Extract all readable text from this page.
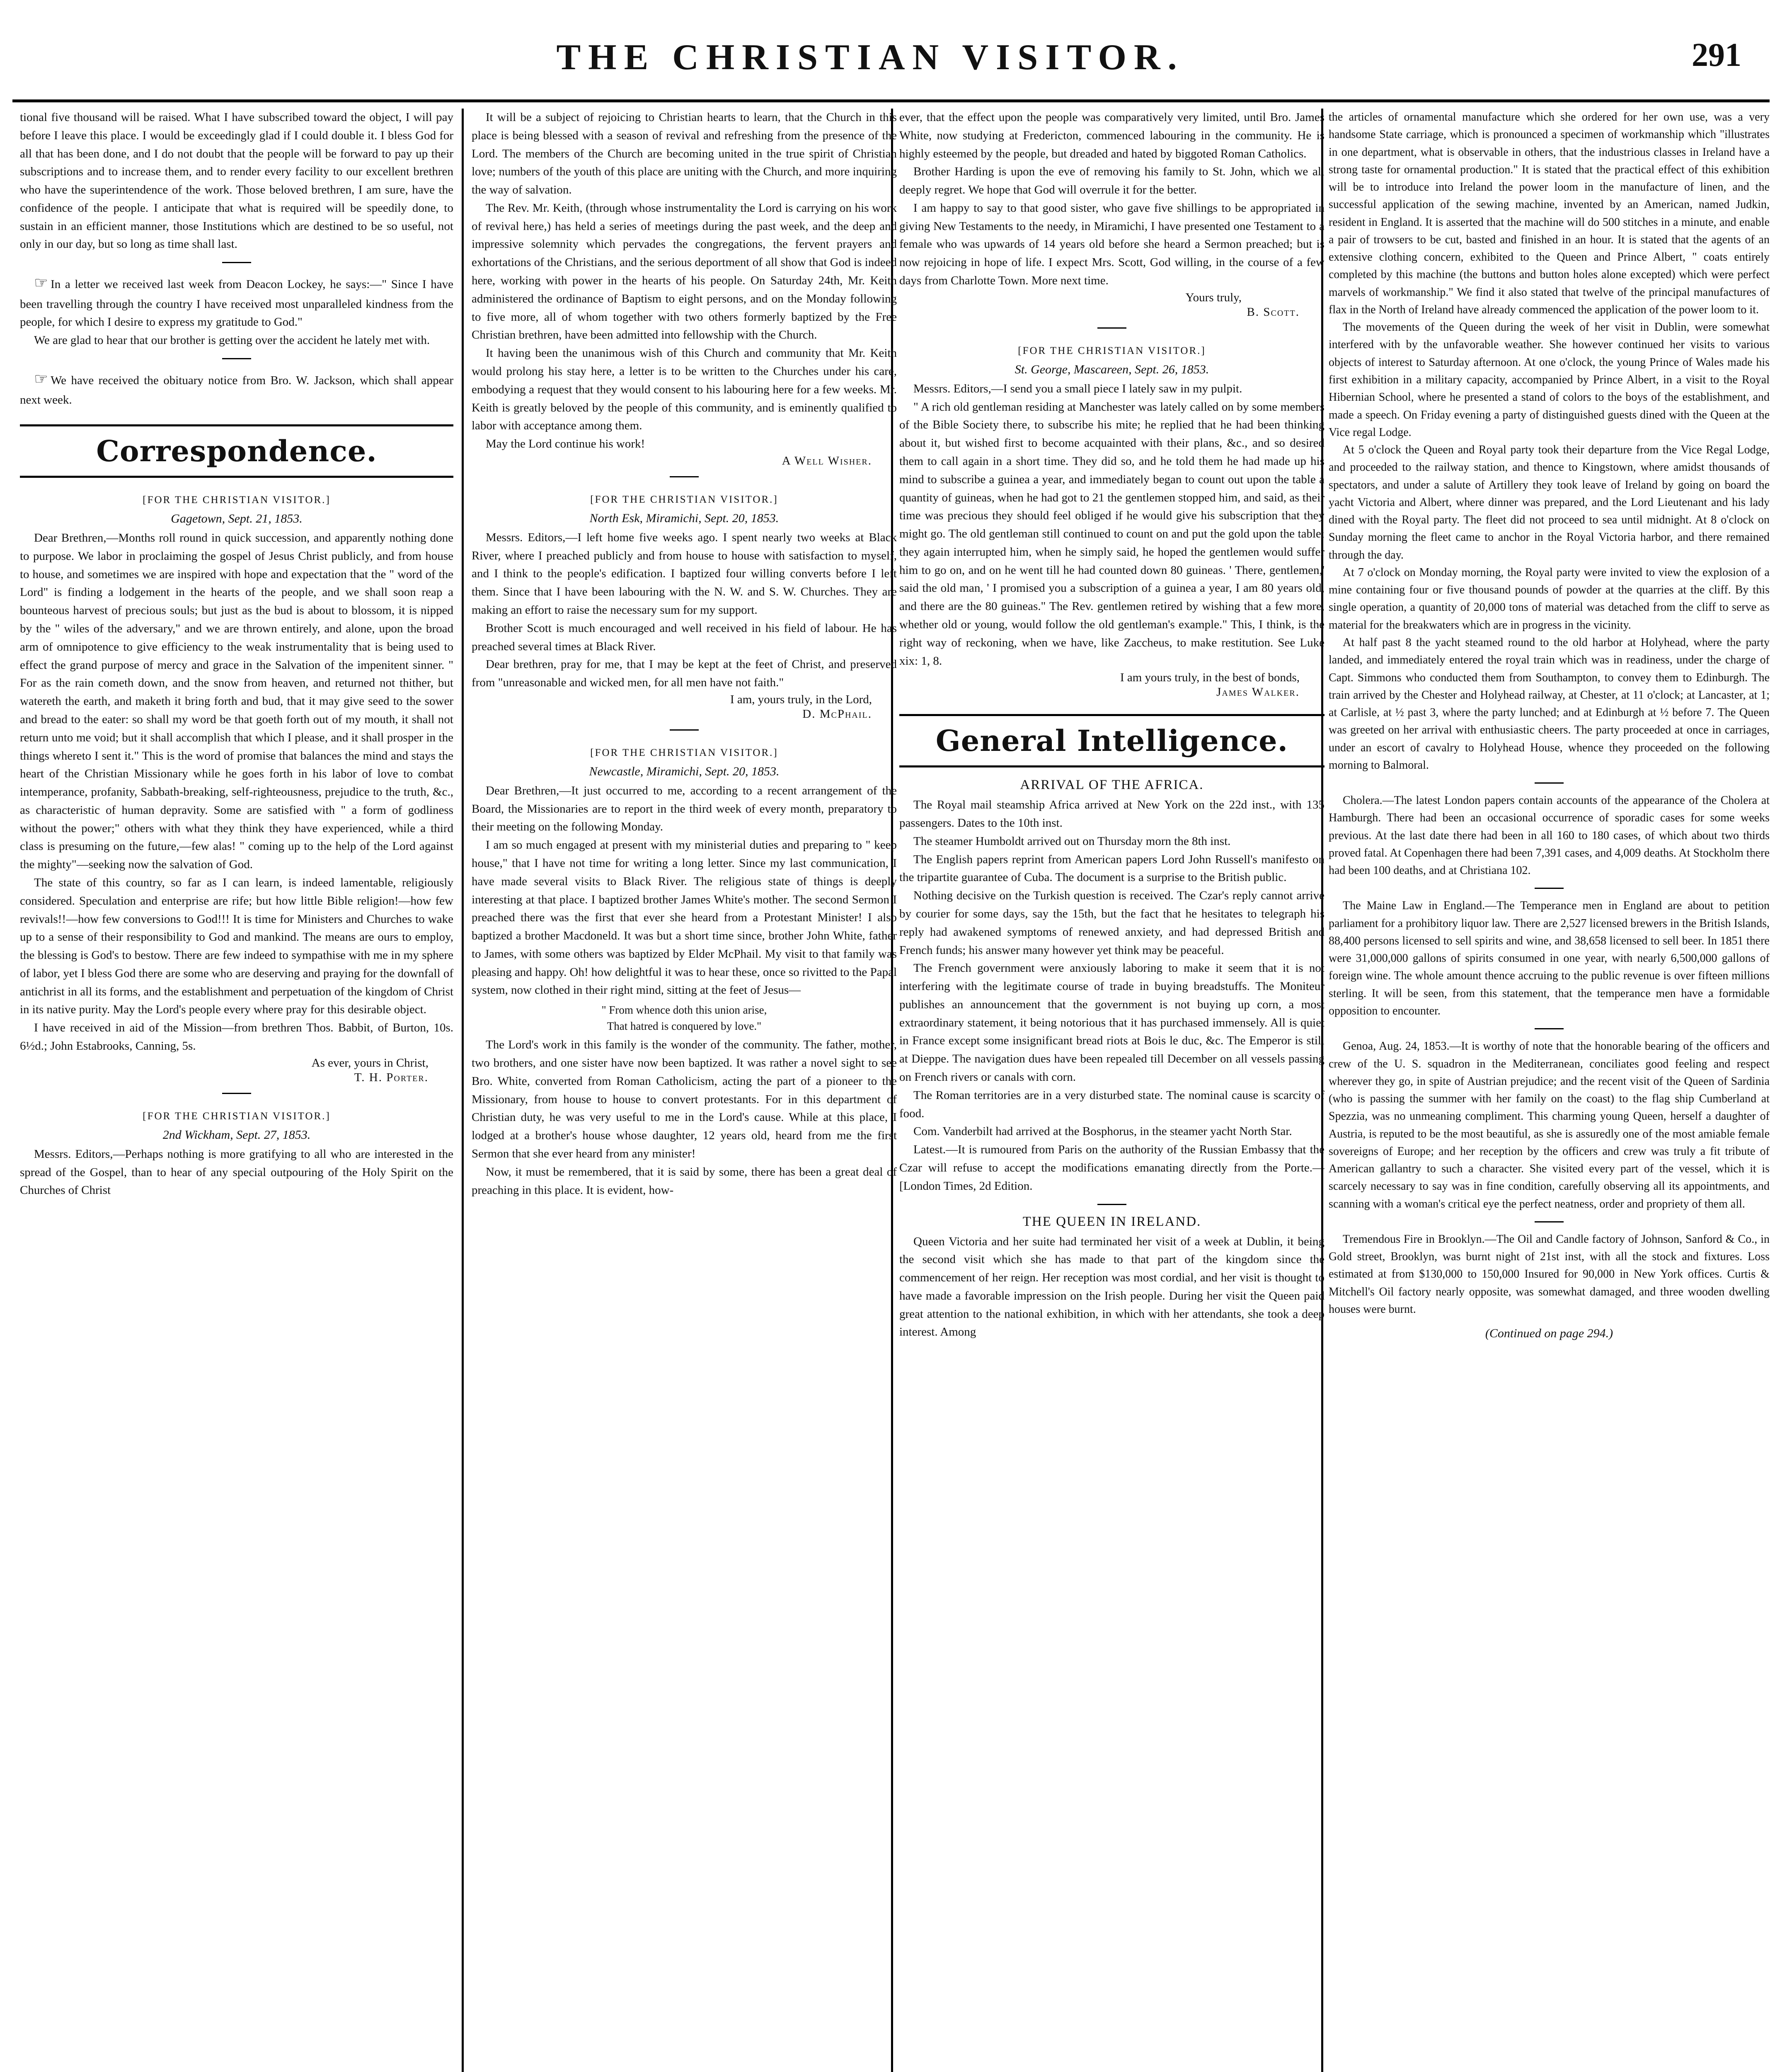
THE CHRISTIAN VISITOR.	291

tional five thousand will be raised. What I have subscribed toward the object, I will pay before I leave this place. I would be exceedingly glad if I could double it. I bless God for all that has been done, and I do not doubt that the people will be forward to pay up their subscriptions and to increase them, and to render every facility to our excellent brethren who have the superintendence of the work. Those beloved brethren, I am sure, have the confidence of the people. I anticipate that what is required will be speedily done, to sustain in an efficient manner, those Institutions which are destined to be so useful, not only in our day, but so long as time shall last.

☞ In a letter we received last week from Deacon Lockey, he says:—" Since I have been travelling through the country I have received most unparalleled kindness from the people, for which I desire to express my gratitude to God."

We are glad to hear that our brother is getting over the accident he lately met with.

☞ We have received the obituary notice from Bro. W. Jackson, which shall appear next week.

Correspondence.
[FOR THE CHRISTIAN VISITOR.]
Gagetown, Sept. 21, 1853.

Dear Brethren,—Months roll round in quick succession, and apparently nothing done to purpose. We labor in proclaiming the gospel of Jesus Christ publicly, and from house to house, and sometimes we are inspired with hope and expectation that the " word of the Lord" is finding a lodgement in the hearts of the people, and we shall soon reap a bounteous harvest of precious souls; but just as the bud is about to blossom, it is nipped by the " wiles of the adversary," and we are thrown entirely, and alone, upon the broad arm of omnipotence to give efficiency to the weak instrumentality that is being used to effect the grand purpose of mercy and grace in the Salvation of the impenitent sinner. " For as the rain cometh down, and the snow from heaven, and returned not thither, but watereth the earth, and maketh it bring forth and bud, that it may give seed to the sower and bread to the eater: so shall my word be that goeth forth out of my mouth, it shall not return unto me void; but it shall accomplish that which I please, and it shall prosper in the things whereto I sent it." This is the word of promise that balances the mind and stays the heart of the Christian Missionary while he goes forth in his labor of love to combat intemperance, profanity, Sabbath-breaking, self-righteousness, prejudice to the truth, &c., as characteristic of human depravity. Some are satisfied with " a form of godliness without the power;" others with what they think they have experienced, while a third class is presuming on the future,—few alas! " coming up to the help of the Lord against the mighty"—seeking now the salvation of God.

The state of this country, so far as I can learn, is indeed lamentable, religiously considered. Speculation and enterprise are rife; but how little Bible religion!—how few revivals!!—how few conversions to God!!! It is time for Ministers and Churches to wake up to a sense of their responsibility to God and mankind. The means are ours to employ, the blessing is God's to bestow. There are few indeed to sympathise with me in my sphere of labor, yet I bless God there are some who are deserving and praying for the downfall of antichrist in all its forms, and the establishment and perpetuation of the kingdom of Christ in its native purity. May the Lord's people every where pray for this desirable object.

I have received in aid of the Mission—from brethren Thos. Babbit, of Burton, 10s. 6½d.; John Estabrooks, Canning, 5s.

As ever, yours in Christ,
T. H. Porter.
[FOR THE CHRISTIAN VISITOR.]
2nd Wickham, Sept. 27, 1853.

Messrs. Editors,—Perhaps nothing is more gratifying to all who are interested in the spread of the Gospel, than to hear of any special outpouring of the Holy Spirit on the Churches of Christ

It will be a subject of rejoicing to Christian hearts to learn, that the Church in this place is being blessed with a season of revival and refreshing from the presence of the Lord. The members of the Church are becoming united in the true spirit of Christian love; numbers of the youth of this place are uniting with the Church, and more inquiring the way of salvation.

The Rev. Mr. Keith, (through whose instrumentality the Lord is carrying on his work of revival here,) has held a series of meetings during the past week, and the deep and impressive solemnity which pervades the congregations, the fervent prayers and exhortations of the Christians, and the serious deportment of all show that God is indeed here, working with power in the hearts of his people. On Saturday 24th, Mr. Keith administered the ordinance of Baptism to eight persons, and on the Monday following to five more, all of whom together with two others formerly baptized by the Free Christian brethren, have been admitted into fellowship with the Church.

It having been the unanimous wish of this Church and community that Mr. Keith would prolong his stay here, a letter is to be written to the Churches under his care, embodying a request that they would consent to his labouring here for a few weeks. Mr. Keith is greatly beloved by the people of this community, and is eminently qualified to labor with acceptance among them.

May the Lord continue his work!

A Well Wisher.
[FOR THE CHRISTIAN VISITOR.]
North Esk, Miramichi, Sept. 20, 1853.

Messrs. Editors,—I left home five weeks ago. I spent nearly two weeks at Black River, where I preached publicly and from house to house with satisfaction to myself, and I think to the people's edification. I baptized four willing converts before I left them. Since that I have been labouring with the N. W. and S. W. Churches. They are making an effort to raise the necessary sum for my support.

Brother Scott is much encouraged and well received in his field of labour. He has preached several times at Black River.

Dear brethren, pray for me, that I may be kept at the feet of Christ, and preserved from "unreasonable and wicked men, for all men have not faith."

I am, yours truly, in the Lord,
D. McPhail.
[FOR THE CHRISTIAN VISITOR.]
Newcastle, Miramichi, Sept. 20, 1853.

Dear Brethren,—It just occurred to me, according to a recent arrangement of the Board, the Missionaries are to report in the third week of every month, preparatory to their meeting on the following Monday.

I am so much engaged at present with my ministerial duties and preparing to " keep house," that I have not time for writing a long letter. Since my last communication, I have made several visits to Black River. The religious state of things is deeply interesting at that place. I baptized brother James White's mother. The second Sermon I preached there was the first that ever she heard from a Protestant Minister! I also baptized a brother Macdoneld. It was but a short time since, brother John White, father to James, with some others was baptized by Elder McPhail. My visit to that family was pleasing and happy. Oh! how delightful it was to hear these, once so rivitted to the Papal system, now clothed in their right mind, sitting at the feet of Jesus—

" From whence doth this union arise,
That hatred is conquered by love."

The Lord's work in this family is the wonder of the community. The father, mother, two brothers, and one sister have now been baptized. It was rather a novel sight to see Bro. White, converted from Roman Catholicism, acting the part of a pioneer to the Missionary, from house to house to convert protestants. For in this department of Christian duty, he was very useful to me in the Lord's cause. While at this place, I lodged at a brother's house whose daughter, 12 years old, heard from me the first Sermon that she ever heard from any minister!

Now, it must be remembered, that it is said by some, there has been a great deal of preaching in this place. It is evident, how-

ever, that the effect upon the people was comparatively very limited, until Bro. James White, now studying at Fredericton, commenced labouring in the community. He is highly esteemed by the people, but dreaded and hated by biggoted Roman Catholics.

Brother Harding is upon the eve of removing his family to St. John, which we all deeply regret. We hope that God will overrule it for the better.

I am happy to say to that good sister, who gave five shillings to be appropriated in giving New Testaments to the needy, in Miramichi, I have presented one Testament to a female who was upwards of 14 years old before she heard a Sermon preached; but is now rejoicing in hope of life. I expect Mrs. Scott, God willing, in the course of a few days from Charlotte Town. More next time.

Yours truly,
B. Scott.
[FOR THE CHRISTIAN VISITOR.]
St. George, Mascareen, Sept. 26, 1853.

Messrs. Editors,—I send you a small piece I lately saw in my pulpit.

" A rich old gentleman residing at Manchester was lately called on by some members of the Bible Society there, to subscribe his mite; he replied that he had been thinking about it, but wished first to become acquainted with their plans, &c., and so desired them to call again in a short time. They did so, and he told them he had made up his mind to subscribe a guinea a year, and immediately began to count out upon the table a quantity of guineas, when he had got to 21 the gentlemen stopped him, and said, as their time was precious they should feel obliged if he would give his subscription that they might go. The old gentleman still continued to count on and put the gold upon the table; they again interrupted him, when he simply said, he hoped the gentlemen would suffer him to go on, and on he went till he had counted down 80 guineas. ' There, gentlemen,' said the old man, ' I promised you a subscription of a guinea a year, I am 80 years old, and there are the 80 guineas." The Rev. gentlemen retired by wishing that a few more, whether old or young, would follow the old gentleman's example." This, I think, is the right way of reckoning, when we have, like Zaccheus, to make restitution. See Luke xix: 1, 8.

I am yours truly, in the best of bonds,
James Walker.
General Intelligence.
ARRIVAL OF THE AFRICA.

The Royal mail steamship Africa arrived at New York on the 22d inst., with 135 passengers. Dates to the 10th inst.

The steamer Humboldt arrived out on Thursday morn the 8th inst.

The English papers reprint from American papers Lord John Russell's manifesto on the tripartite guarantee of Cuba. The document is a surprise to the British public.

Nothing decisive on the Turkish question is received. The Czar's reply cannot arrive by courier for some days, say the 15th, but the fact that he hesitates to telegraph his reply had awakened symptoms of renewed anxiety, and had depressed British and French funds; his answer many however yet think may be peaceful.

The French government were anxiously laboring to make it seem that it is not interfering with the legitimate course of trade in buying breadstuffs. The Moniteur publishes an announcement that the government is not buying up corn, a most extraordinary statement, it being notorious that it has purchased immensely. All is quiet in France except some insignificant bread riots at Bois le duc, &c. The Emperor is still at Dieppe. The navigation dues have been repealed till December on all vessels passing on French rivers or canals with corn.

The Roman territories are in a very disturbed state. The nominal cause is scarcity of food.

Com. Vanderbilt had arrived at the Bosphorus, in the steamer yacht North Star.

Latest.—It is rumoured from Paris on the authority of the Russian Embassy that the Czar will refuse to accept the modifications emanating directly from the Porte.—[London Times, 2d Edition.

THE QUEEN IN IRELAND.

Queen Victoria and her suite had terminated her visit of a week at Dublin, it being the second visit which she has made to that part of the kingdom since the commencement of her reign. Her reception was most cordial, and her visit is thought to have made a favorable impression on the Irish people. During her visit the Queen paid great attention to the national exhibition, in which with her attendants, she took a deep interest. Among

the articles of ornamental manufacture which she ordered for her own use, was a very handsome State carriage, which is pronounced a specimen of workmanship which "illustrates in one department, what is observable in others, that the industrious classes in Ireland have a strong taste for ornamental production." It is stated that the practical effect of this exhibition will be to introduce into Ireland the power loom in the manufacture of linen, and the successful application of the sewing machine, invented by an American, named Judkin, resident in England. It is asserted that the machine will do 500 stitches in a minute, and enable a pair of trowsers to be cut, basted and finished in an hour. It is stated that the agents of an extensive clothing concern, exhibited to the Queen and Prince Albert, " coats entirely completed by this machine (the buttons and button holes alone excepted) which were perfect marvels of workmanship." We find it also stated that twelve of the principal manufactures of flax in the North of Ireland have already commenced the application of the power loom to it.

The movements of the Queen during the week of her visit in Dublin, were somewhat interfered with by the unfavorable weather. She however continued her visits to various objects of interest to Saturday afternoon. At one o'clock, the young Prince of Wales made his first exhibition in a military capacity, accompanied by Prince Albert, in a visit to the Royal Hibernian School, where he presented a stand of colors to the boys of the establishment, and made a speech. On Friday evening a party of distinguished guests dined with the Queen at the Vice regal Lodge.

At 5 o'clock the Queen and Royal party took their departure from the Vice Regal Lodge, and proceeded to the railway station, and thence to Kingstown, where amidst thousands of spectators, and under a salute of Artillery they took leave of Ireland by going on board the yacht Victoria and Albert, where dinner was prepared, and the Lord Lieutenant and his lady dined with the Royal party. The fleet did not proceed to sea until midnight. At 8 o'clock on Sunday morning the fleet came to anchor in the Royal Victoria harbor, and there remained through the day.

At 7 o'clock on Monday morning, the Royal party were invited to view the explosion of a mine containing four or five thousand pounds of powder at the quarries at the cliff. By this single operation, a quantity of 20,000 tons of material was detached from the cliff to serve as material for the breakwaters which are in progress in the vicinity.

At half past 8 the yacht steamed round to the old harbor at Holyhead, where the party landed, and immediately entered the royal train which was in readiness, under the charge of Capt. Simmons who conducted them from Southampton, to convey them to Edinburgh. The train arrived by the Chester and Holyhead railway, at Chester, at 11 o'clock; at Lancaster, at 1; at Carlisle, at ½ past 3, where the party lunched; and at Edinburgh at ½ before 7. The Queen was greeted on her arrival with enthusiastic cheers. The party proceeded at once in carriages, under an escort of cavalry to Holyhead House, whence they proceeded on the following morning to Balmoral.

Cholera.—The latest London papers contain accounts of the appearance of the Cholera at Hamburgh. There had been an occasional occurrence of sporadic cases for some weeks previous. At the last date there had been in all 160 to 180 cases, of which about two thirds proved fatal. At Copenhagen there had been 7,391 cases, and 4,009 deaths. At Stockholm there had been 100 deaths, and at Christiana 102.

The Maine Law in England.—The Temperance men in England are about to petition parliament for a prohibitory liquor law. There are 2,527 licensed brewers in the British Islands, 88,400 persons licensed to sell spirits and wine, and 38,658 licensed to sell beer. In 1851 there were 31,000,000 gallons of spirits consumed in one year, with nearly 6,500,000 gallons of foreign wine. The whole amount thence accruing to the public revenue is over fifteen millions sterling. It will be seen, from this statement, that the temperance men have a formidable opposition to encounter.

Genoa, Aug. 24, 1853.—It is worthy of note that the honorable bearing of the officers and crew of the U. S. squadron in the Mediterranean, conciliates good feeling and respect wherever they go, in spite of Austrian prejudice; and the recent visit of the Queen of Sardinia (who is passing the summer with her family on the coast) to the flag ship Cumberland at Spezzia, was no unmeaning compliment. This charming young Queen, herself a daughter of Austria, is reputed to be the most beautiful, as she is assuredly one of the most amiable female sovereigns of Europe; and her reception by the officers and crew was truly a fit tribute of American gallantry to such a character. She visited every part of the vessel, which it is scarcely necessary to say was in fine condition, carefully observing all its appointments, and scanning with a woman's critical eye the perfect neatness, order and propriety of them all.

Tremendous Fire in Brooklyn.—The Oil and Candle factory of Johnson, Sanford & Co., in Gold street, Brooklyn, was burnt night of 21st inst, with all the stock and fixtures. Loss estimated at from $130,000 to 150,000 Insured for 90,000 in New York offices. Curtis & Mitchell's Oil factory nearly opposite, was somewhat damaged, and three wooden dwelling houses were burnt.

(Continued on page 294.)
